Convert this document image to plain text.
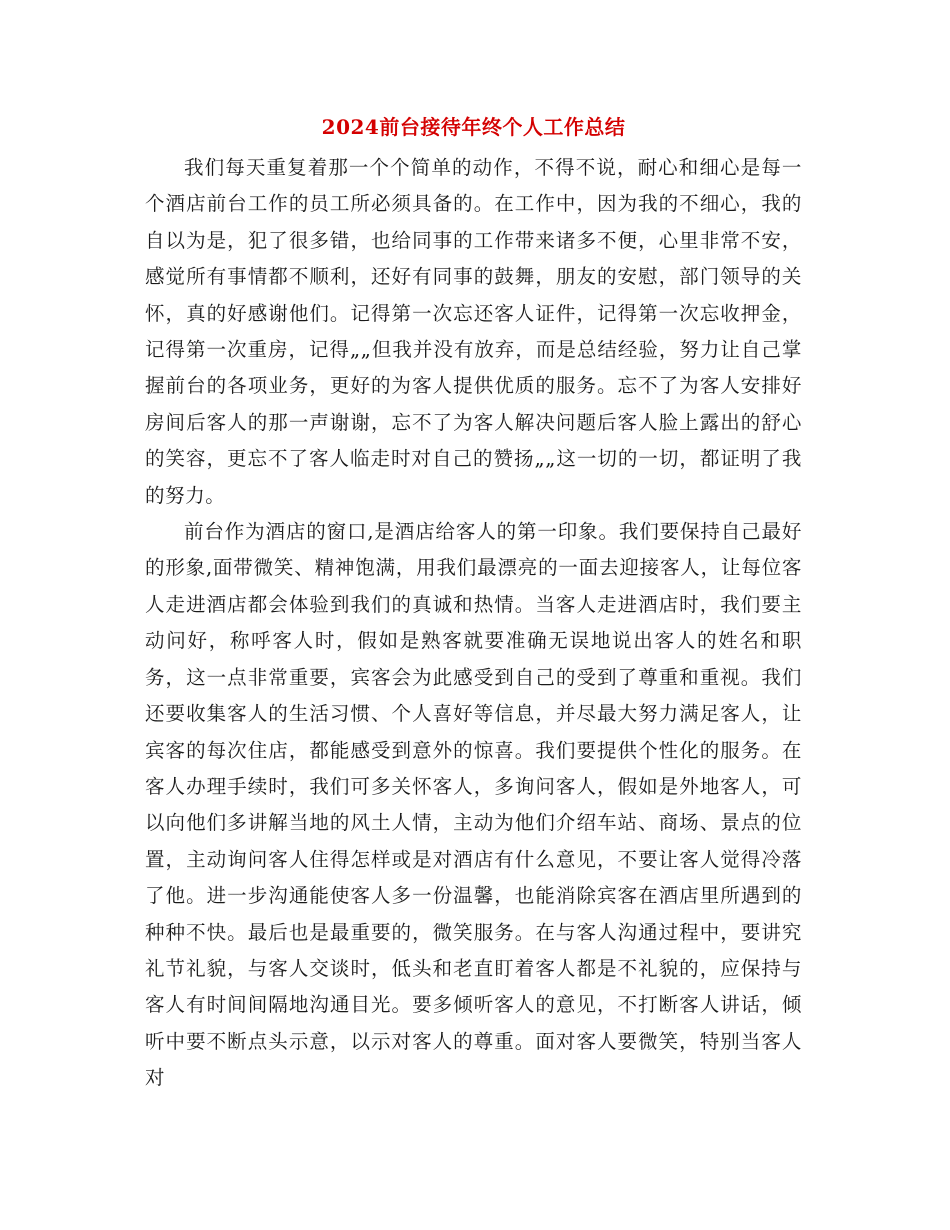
2024前台接待年终个人工作总结

我们每天重复着那一个个简单的动作，不得不说，耐心和细心是每一个酒店前台工作的员工所必须具备的。在工作中，因为我的不细心，我的自以为是，犯了很多错，也给同事的工作带来诸多不便，心里非常不安，感觉所有事情都不顺利，还好有同事的鼓舞，朋友的安慰，部门领导的关怀，真的好感谢他们。记得第一次忘还客人证件，记得第一次忘收押金，记得第一次重房，记得„„但我并没有放弃，而是总结经验，努力让自己掌握前台的各项业务，更好的为客人提供优质的服务。忘不了为客人安排好房间后客人的那一声谢谢，忘不了为客人解决问题后客人脸上露出的舒心的笑容，更忘不了客人临走时对自己的赞扬„„这一切的一切，都证明了我的努力。

前台作为酒店的窗口,是酒店给客人的第一印象。我们要保持自己最好的形象,面带微笑、精神饱满，用我们最漂亮的一面去迎接客人，让每位客人走进酒店都会体验到我们的真诚和热情。当客人走进酒店时，我们要主动问好，称呼客人时，假如是熟客就要准确无误地说出客人的姓名和职务，这一点非常重要，宾客会为此感受到自己的受到了尊重和重视。我们还要收集客人的生活习惯、个人喜好等信息，并尽最大努力满足客人，让宾客的每次住店，都能感受到意外的惊喜。我们要提供个性化的服务。在客人办理手续时，我们可多关怀客人，多询问客人，假如是外地客人，可以向他们多讲解当地的风土人情，主动为他们介绍车站、商场、景点的位置，主动询问客人住得怎样或是对酒店有什么意见，不要让客人觉得冷落了他。进一步沟通能使客人多一份温馨，也能消除宾客在酒店里所遇到的种种不快。最后也是最重要的，微笑服务。在与客人沟通过程中，要讲究礼节礼貌，与客人交谈时，低头和老直盯着客人都是不礼貌的，应保持与客人有时间间隔地沟通目光。要多倾听客人的意见，不打断客人讲话，倾听中要不断点头示意，以示对客人的尊重。面对客人要微笑，特别当客人对
